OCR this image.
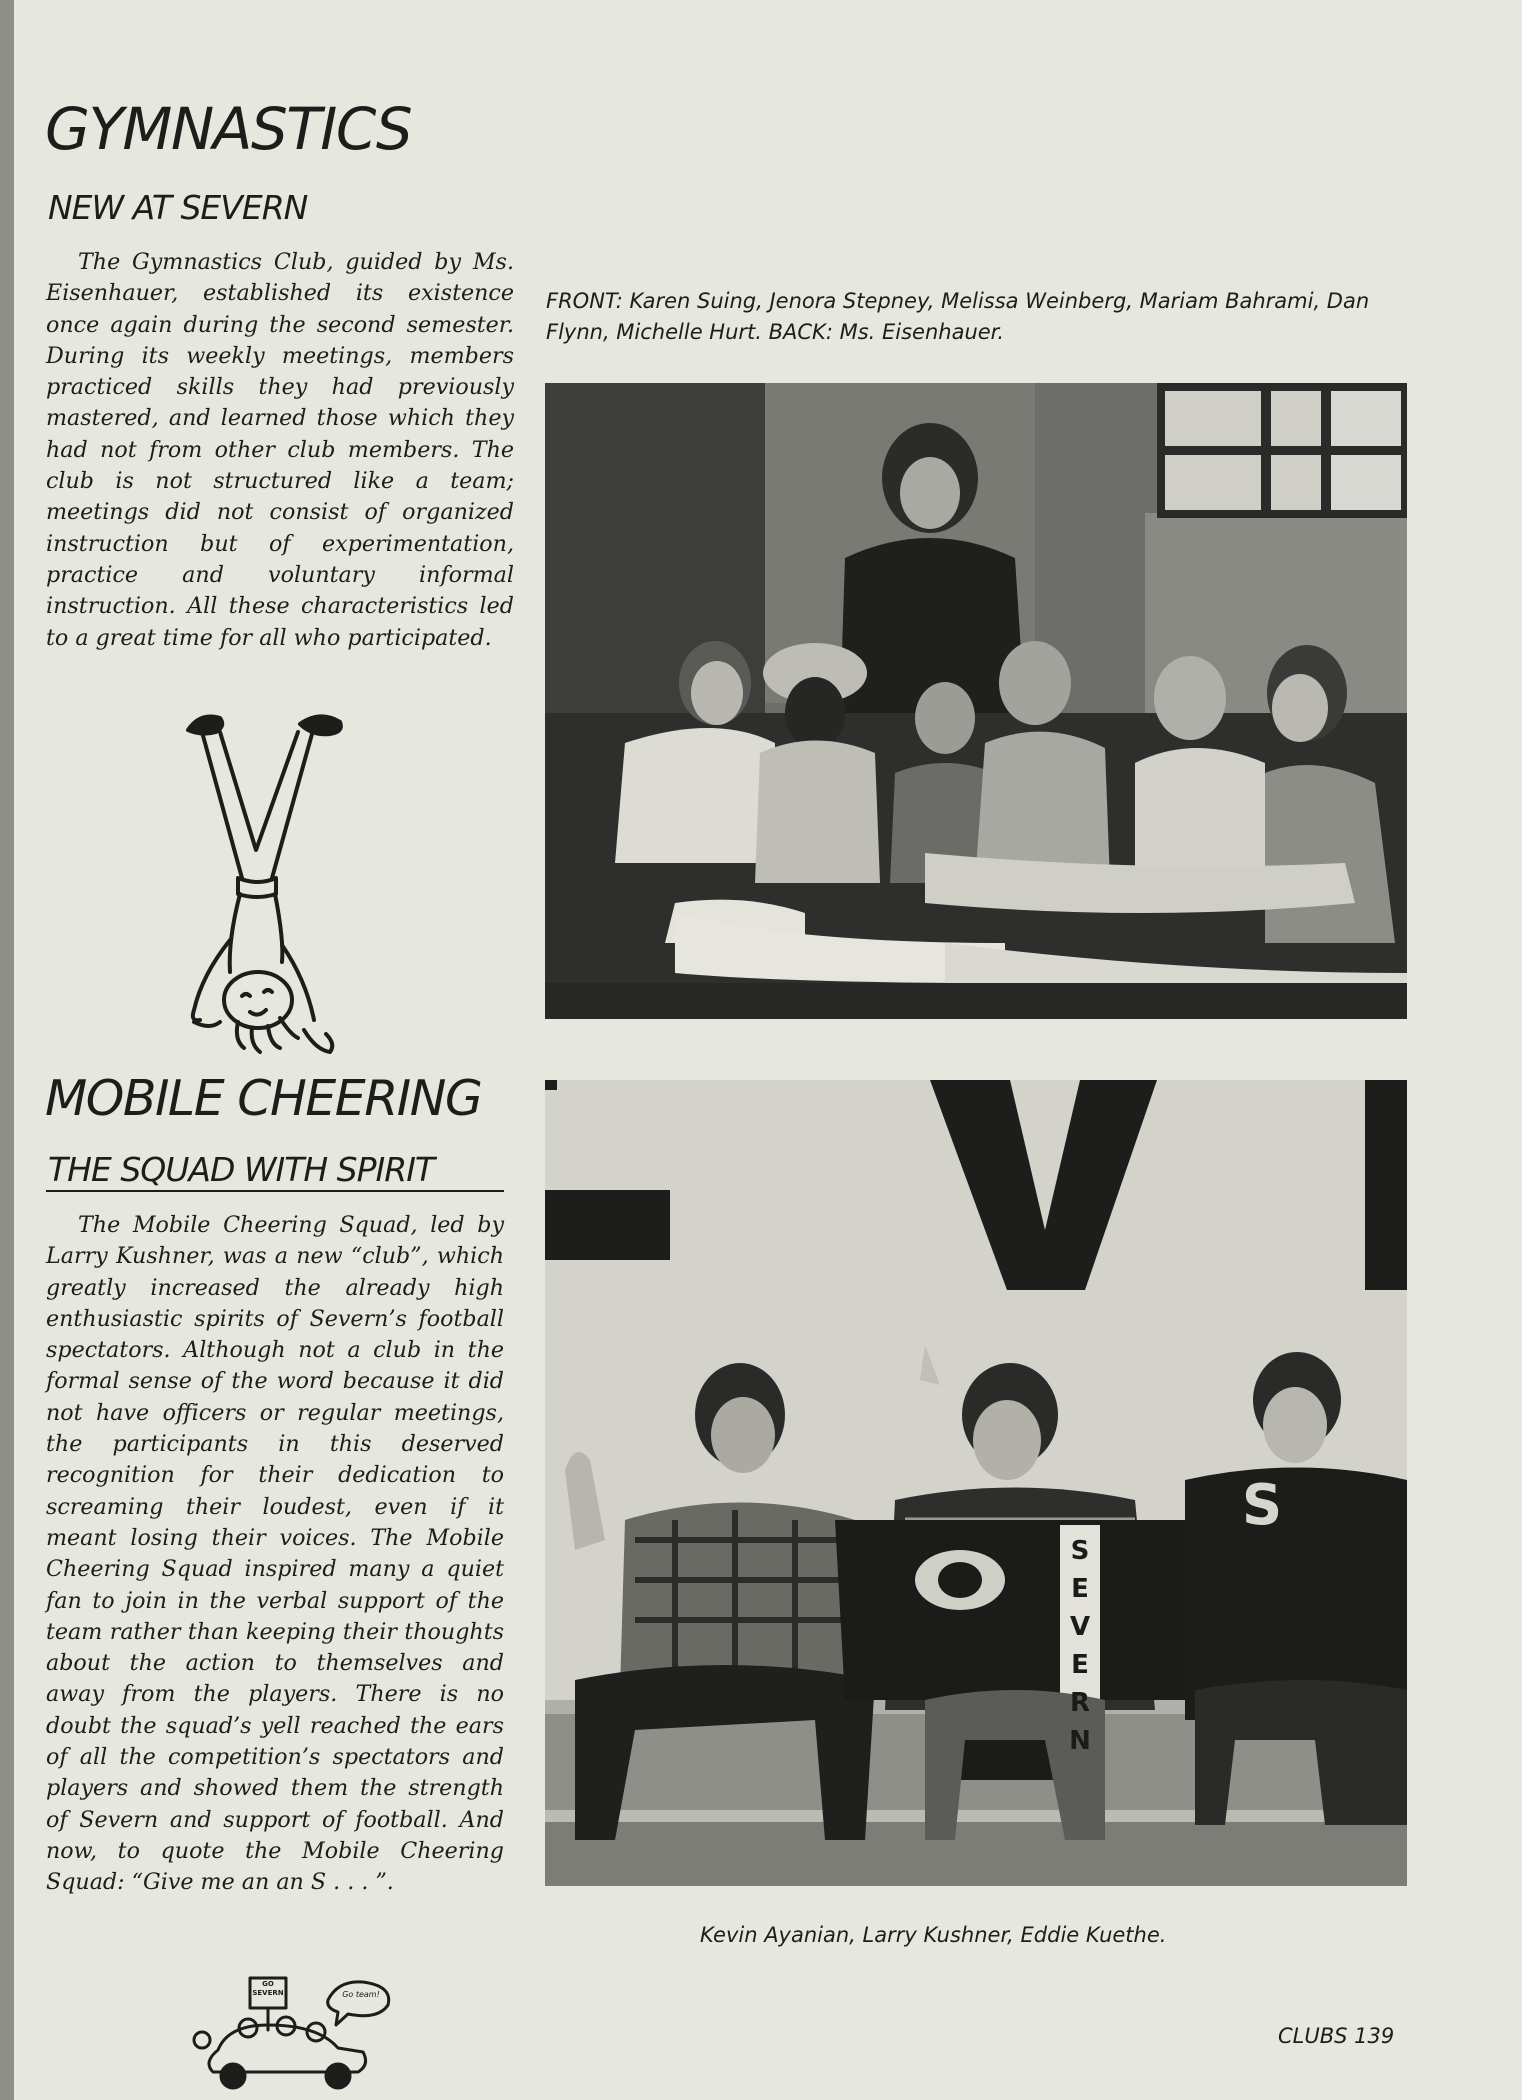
GYMNASTICS
NEW AT SEVERN
The Gymnastics Club, guided by Ms. Eisenhauer, established its existence once again during the second semester. During its weekly meetings, members practiced skills they had previously mastered, and learned those which they had not from other club members. The club is not structured like a team; meetings did not consist of organized instruction but of experimentation, practice and voluntary informal instruction. All these characteristics led to a great time for all who participated.
FRONT: Karen Suing, Jenora Stepney, Melissa Weinberg, Mariam Bahrami, Dan Flynn, Michelle Hurt. BACK: Ms. Eisenhauer.
MOBILE CHEERING
THE SQUAD WITH SPIRIT
The Mobile Cheering Squad, led by Larry Kushner, was a new “club”, which greatly increased the already high enthusiastic spirits of Severn’s football spectators. Although not a club in the formal sense of the word because it did not have officers or regular meetings, the participants in this deserved recognition for their dedication to screaming their loudest, even if it meant losing their voices. The Mobile Cheering Squad inspired many a quiet fan to join in the verbal support of the team rather than keeping their thoughts about the action to themselves and away from the players. There is no doubt the squad’s yell reached the ears of all the competition’s spectators and players and showed them the strength of Severn and support of football. And now, to quote the Mobile Cheering Squad: “Give me an an S . . . ”.
S
E
V
E
R
N
S
Kevin Ayanian, Larry Kushner, Eddie Kuethe.
GO SEVERN	Go team!
CLUBS 139
